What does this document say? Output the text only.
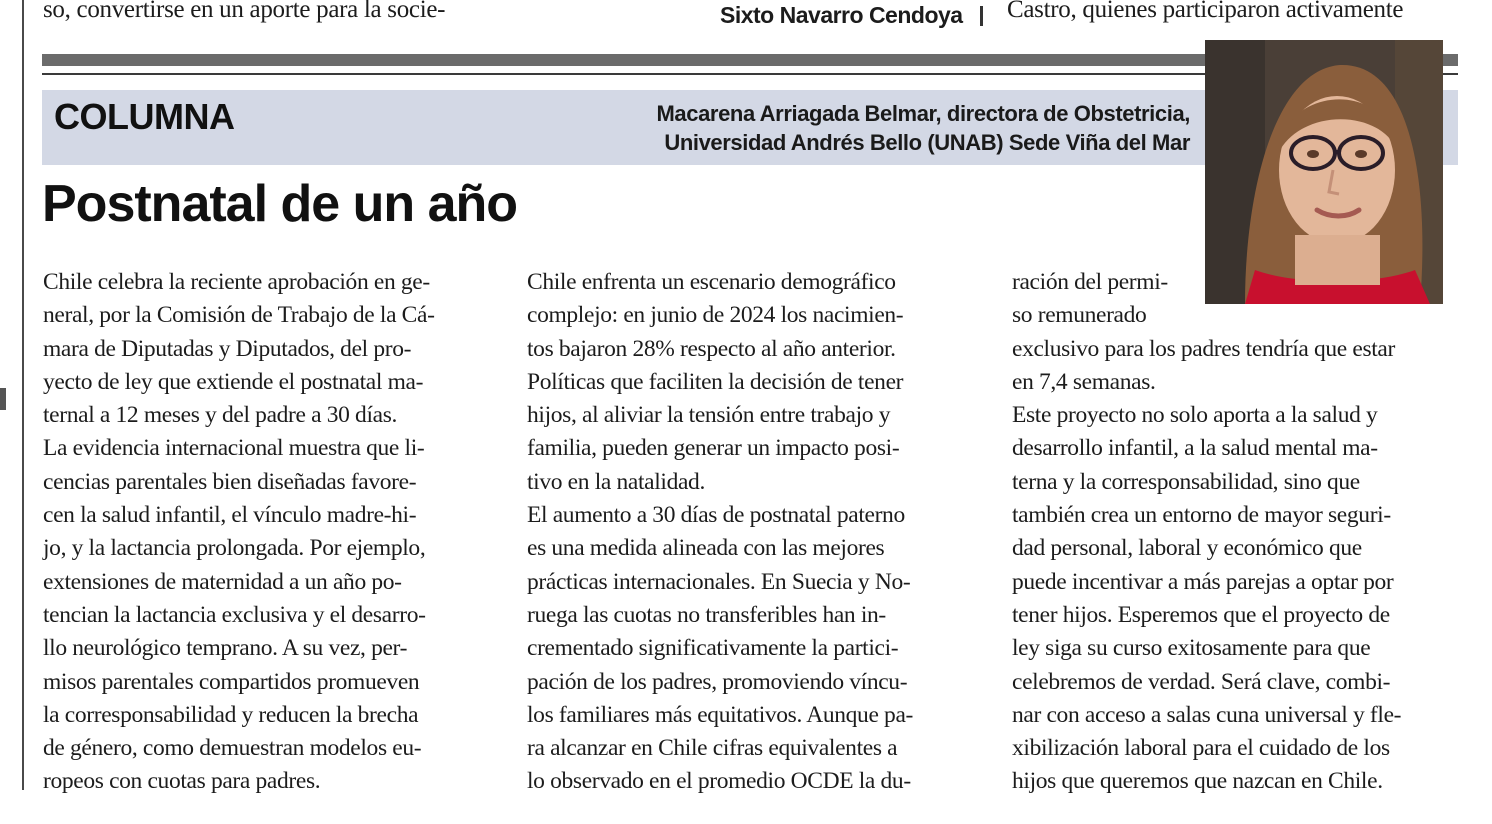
so, convertirse en un aporte para la socie-	Sixto Navarro Cendoya Castro, quienes participaron activamente
COLUMNA	Macarena Arriagada Belmar, directora de Obstetricia,
Universidad Andrés Bello (UNAB) Sede Viña del Mar
Postnatal de un año

Chile celebra la reciente aprobación en ge-

neral, por la Comisión de Trabajo de la Cá-

mara de Diputadas y Diputados, del pro-

yecto de ley que extiende el postnatal ma-

ternal a 12 meses y del padre a 30 días.

La evidencia internacional muestra que li-

cencias parentales bien diseñadas favore-

cen la salud infantil, el vínculo madre-hi-

jo, y la lactancia prolongada. Por ejemplo,

extensiones de maternidad a un año po-

tencian la lactancia exclusiva y el desarro-

llo neurológico temprano. A su vez, per-

misos parentales compartidos promueven

la corresponsabilidad y reducen la brecha

de género, como demuestran modelos eu-

ropeos con cuotas para padres.

Chile enfrenta un escenario demográfico

complejo: en junio de 2024 los nacimien-

tos bajaron 28% respecto al año anterior.

Políticas que faciliten la decisión de tener

hijos, al aliviar la tensión entre trabajo y

familia, pueden generar un impacto posi-

tivo en la natalidad.

El aumento a 30 días de postnatal paterno

es una medida alineada con las mejores

prácticas internacionales. En Suecia y No-

ruega las cuotas no transferibles han in-

crementado significativamente la partici-

pación de los padres, promoviendo víncu-

los familiares más equitativos. Aunque pa-

ra alcanzar en Chile cifras equivalentes a

lo observado en el promedio OCDE la du-

ración del permi-

so remunerado

exclusivo para los padres tendría que estar

en 7,4 semanas.

Este proyecto no solo aporta a la salud y

desarrollo infantil, a la salud mental ma-

terna y la corresponsabilidad, sino que

también crea un entorno de mayor seguri-

dad personal, laboral y económico que

puede incentivar a más parejas a optar por

tener hijos. Esperemos que el proyecto de

ley siga su curso exitosamente para que

celebremos de verdad. Será clave, combi-

nar con acceso a salas cuna universal y fle-

xibilización laboral para el cuidado de los

hijos que queremos que nazcan en Chile.
